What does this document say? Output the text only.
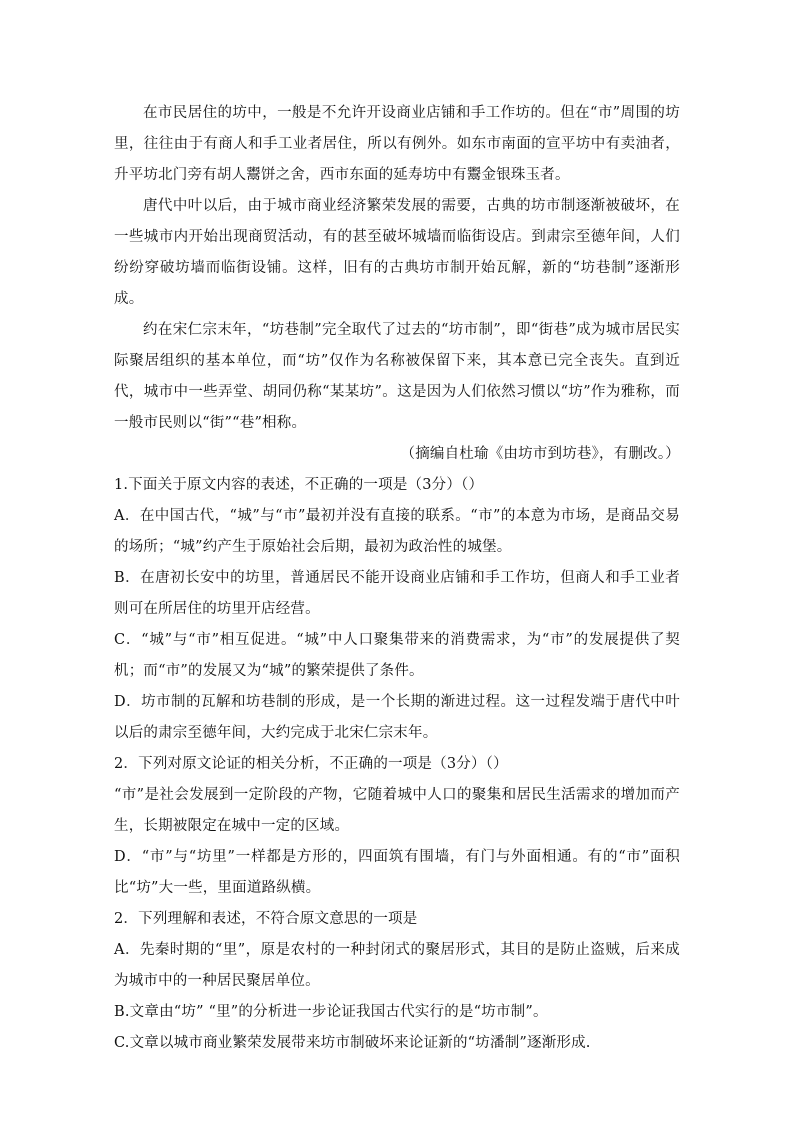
在市民居住的坊中，一般是不允许开设商业店铺和手工作坊的。但在“市”周围的坊里，往往由于有商人和手工业者居住，所以有例外。如东市南面的宣平坊中有卖油者，升平坊北门旁有胡人鬻饼之舍，西市东面的延寿坊中有鬻金银珠玉者。

唐代中叶以后，由于城市商业经济繁荣发展的需要，古典的坊市制逐渐被破坏，在一些城市内开始出现商贸活动，有的甚至破坏城墙而临街设店。到肃宗至德年间，人们纷纷穿破坊墙而临街设铺。这样，旧有的古典坊市制开始瓦解，新的“坊巷制”逐渐形成。

约在宋仁宗末年，“坊巷制”完全取代了过去的“坊市制”，即“街巷”成为城市居民实际聚居组织的基本单位，而“坊”仅作为名称被保留下来，其本意已完全丧失。直到近代，城市中一些弄堂、胡同仍称“某某坊”。这是因为人们依然习惯以“坊”作为雅称，而一般市民则以“街”“巷”相称。

（摘编自杜瑜《由坊市到坊巷》，有删改。）

1.下面关于原文内容的表述，不正确的一项是（3分）（）

A．在中国古代，“城”与“市”最初并没有直接的联系。“市”的本意为市场，是商品交易的场所；“城”约产生于原始社会后期，最初为政治性的城堡。

B．在唐初长安中的坊里，普通居民不能开设商业店铺和手工作坊，但商人和手工业者则可在所居住的坊里开店经营。

C．“城”与“市”相互促进。“城”中人口聚集带来的消费需求，为“市”的发展提供了契机；而“市”的发展又为“城”的繁荣提供了条件。

D．坊市制的瓦解和坊巷制的形成，是一个长期的渐进过程。这一过程发端于唐代中叶以后的肃宗至德年间，大约完成于北宋仁宗末年。

2．下列对原文论证的相关分析，不正确的一项是（3分）（）

“市”是社会发展到一定阶段的产物，它随着城中人口的聚集和居民生活需求的增加而产生，长期被限定在城中一定的区域。

D．“市”与“坊里”一样都是方形的，四面筑有围墙，有门与外面相通。有的“市”面积比“坊”大一些，里面道路纵横。

2．下列理解和表述，不符合原文意思的一项是

A．先秦时期的“里”，原是农村的一种封闭式的聚居形式，其目的是防止盗贼，后来成为城市中的一种居民聚居单位。

B.文章由“坊” “里”的分析进一步论证我国古代实行的是“坊市制”。

C.文章以城市商业繁荣发展带来坊市制破坏来论证新的“坊潘制”逐渐形成.
